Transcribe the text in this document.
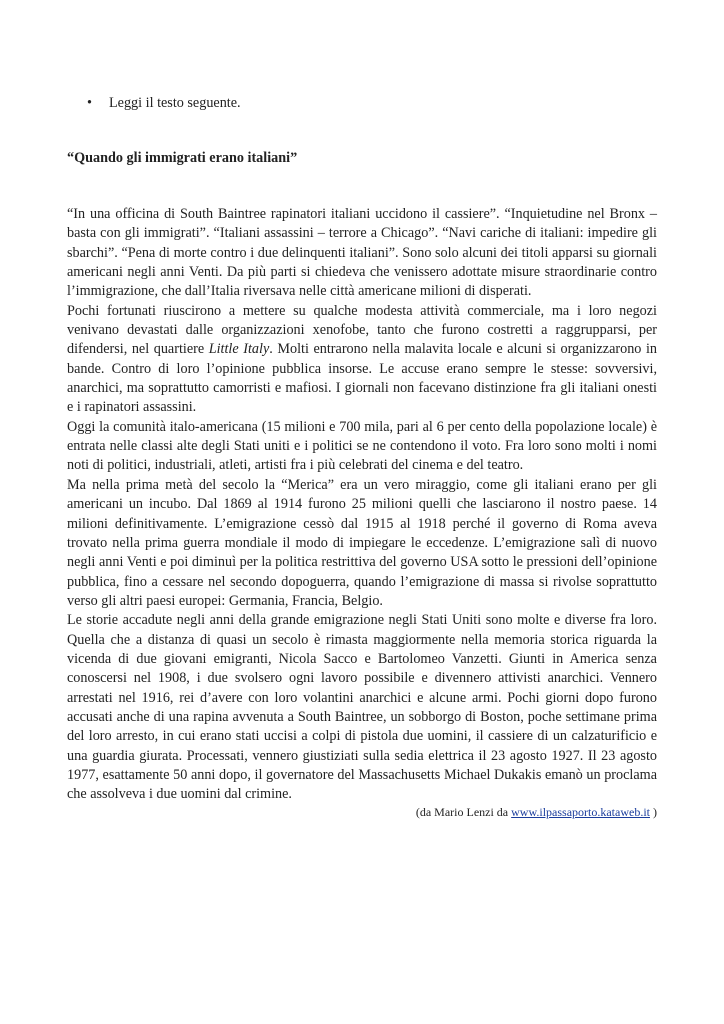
• Leggi il testo seguente.
“Quando gli immigrati erano italiani”

“In una officina di South Baintree rapinatori italiani uccidono il cassiere”. “Inquietudine nel Bronx – basta con gli immigrati”. “Italiani assassini – terrore a Chicago”. “Navi cariche di italiani: impedire gli sbarchi”. “Pena di morte contro i due delinquenti italiani”. Sono solo alcuni dei titoli apparsi su giornali americani negli anni Venti. Da più parti si chiedeva che venissero adottate misure straordinarie contro l’immigrazione, che dall’Italia riversava nelle città americane milioni di disperati.

Pochi fortunati riuscirono a mettere su qualche modesta attività commerciale, ma i loro negozi venivano devastati dalle organizzazioni xenofobe, tanto che furono costretti a raggrupparsi, per difendersi, nel quartiere Little Italy. Molti entrarono nella malavita locale e alcuni si organizzarono in bande. Contro di loro l’opinione pubblica insorse. Le accuse erano sempre le stesse: sovversivi, anarchici, ma soprattutto camorristi e mafiosi. I giornali non facevano distinzione fra gli italiani onesti e i rapinatori assassini.

Oggi la comunità italo-americana (15 milioni e 700 mila, pari al 6 per cento della popolazione locale) è entrata nelle classi alte degli Stati uniti e i politici se ne contendono il voto. Fra loro sono molti i nomi noti di politici, industriali, atleti, artisti fra i più celebrati del cinema e del teatro.

Ma nella prima metà del secolo la “Merica” era un vero miraggio, come gli italiani erano per gli americani un incubo. Dal 1869 al 1914 furono 25 milioni quelli che lasciarono il nostro paese. 14 milioni definitivamente. L’emigrazione cessò dal 1915 al 1918 perché il governo di Roma aveva trovato nella prima guerra mondiale il modo di impiegare le eccedenze. L’emigrazione salì di nuovo negli anni Venti e poi diminuì per la politica restrittiva del governo USA sotto le pressioni dell’opinione pubblica, fino a cessare nel secondo dopoguerra, quando l’emigrazione di massa si rivolse soprattutto verso gli altri paesi europei: Germania, Francia, Belgio.

Le storie accadute negli anni della grande emigrazione negli Stati Uniti sono molte e diverse fra loro. Quella che a distanza di quasi un secolo è rimasta maggiormente nella memoria storica riguarda la vicenda di due giovani emigranti, Nicola Sacco e Bartolomeo Vanzetti. Giunti in America senza conoscersi nel 1908, i due svolsero ogni lavoro possibile e divennero attivisti anarchici. Vennero arrestati nel 1916, rei d’avere con loro volantini anarchici e alcune armi. Pochi giorni dopo furono accusati anche di una rapina avvenuta a South Baintree, un sobborgo di Boston, poche settimane prima del loro arresto, in cui erano stati uccisi a colpi di pistola due uomini, il cassiere di un calzaturificio e una guardia giurata. Processati, vennero giustiziati sulla sedia elettrica il 23 agosto 1927. Il 23 agosto 1977, esattamente 50 anni dopo, il governatore del Massachusetts Michael Dukakis emanò un proclama che assolveva i due uomini dal crimine.

(da Mario Lenzi da www.ilpassaporto.kataweb.it )
